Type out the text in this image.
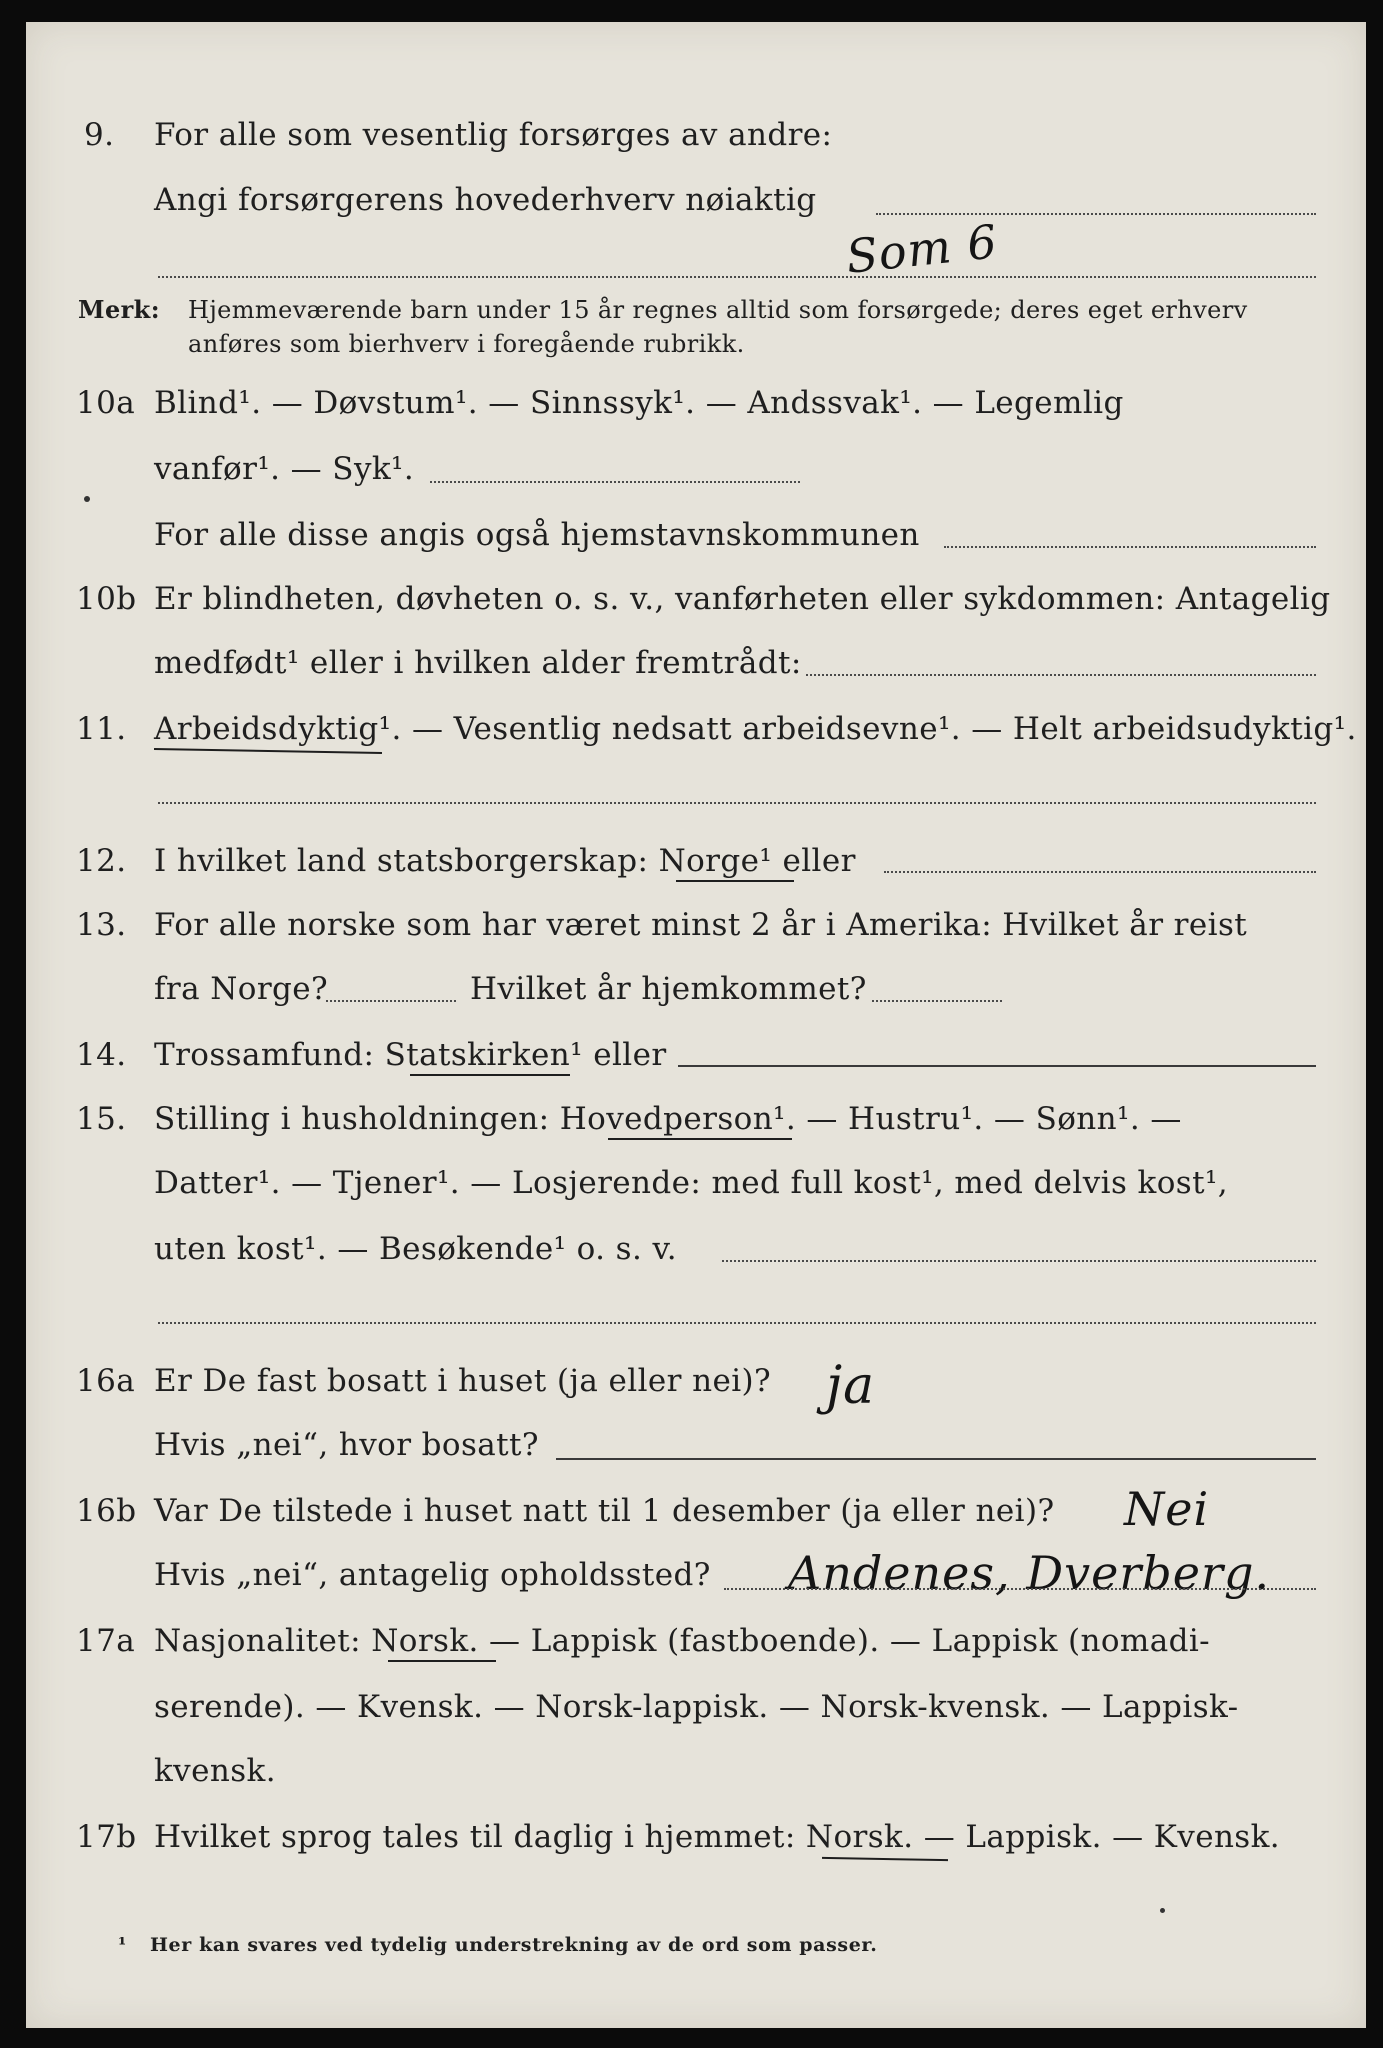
9. For alle som vesentlig forsørges av andre:
Angi forsørgerens hovederhverv nøiaktig
Som 6
Merk: Hjemmeværende barn under 15 år regnes alltid som forsørgede; deres eget erhverv
anføres som bierhverv i foregående rubrikk.
10a Blind¹. — Døvstum¹. — Sinnssyk¹. — Andssvak¹. — Legemlig
vanfør¹. — Syk¹.
For alle disse angis også hjemstavnskommunen
10b Er blindheten, døvheten o. s. v., vanførheten eller sykdommen: Antagelig
medfødt¹ eller i hvilken alder fremtrådt:
11. Arbeidsdyktig¹. — Vesentlig nedsatt arbeidsevne¹. — Helt arbeidsudyktig¹.
12. I hvilket land statsborgerskap: Norge¹ eller
13. For alle norske som har været minst 2 år i Amerika: Hvilket år reist
fra Norge?	Hvilket år hjemkommet?
14. Trossamfund: Statskirken¹ eller
15. Stilling i husholdningen: Hovedperson¹. — Hustru¹. — Sønn¹. —
Datter¹. — Tjener¹. — Losjerende: med full kost¹, med delvis kost¹,
uten kost¹. — Besøkende¹ o. s. v.
16a Er De fast bosatt i huset (ja eller nei)? ja
Hvis „nei“, hvor bosatt?
16b Var De tilstede i huset natt til 1 desember (ja eller nei)? Nei
Hvis „nei“, antagelig opholdssted? Andenes, Dverberg.
17a Nasjonalitet: Norsk. — Lappisk (fastboende). — Lappisk (nomadi-
serende). — Kvensk. — Norsk-lappisk. — Norsk-kvensk. — Lappisk-
kvensk.
17b Hvilket sprog tales til daglig i hjemmet: Norsk. — Lappisk. — Kvensk.
¹ Her kan svares ved tydelig understrekning av de ord som passer.
